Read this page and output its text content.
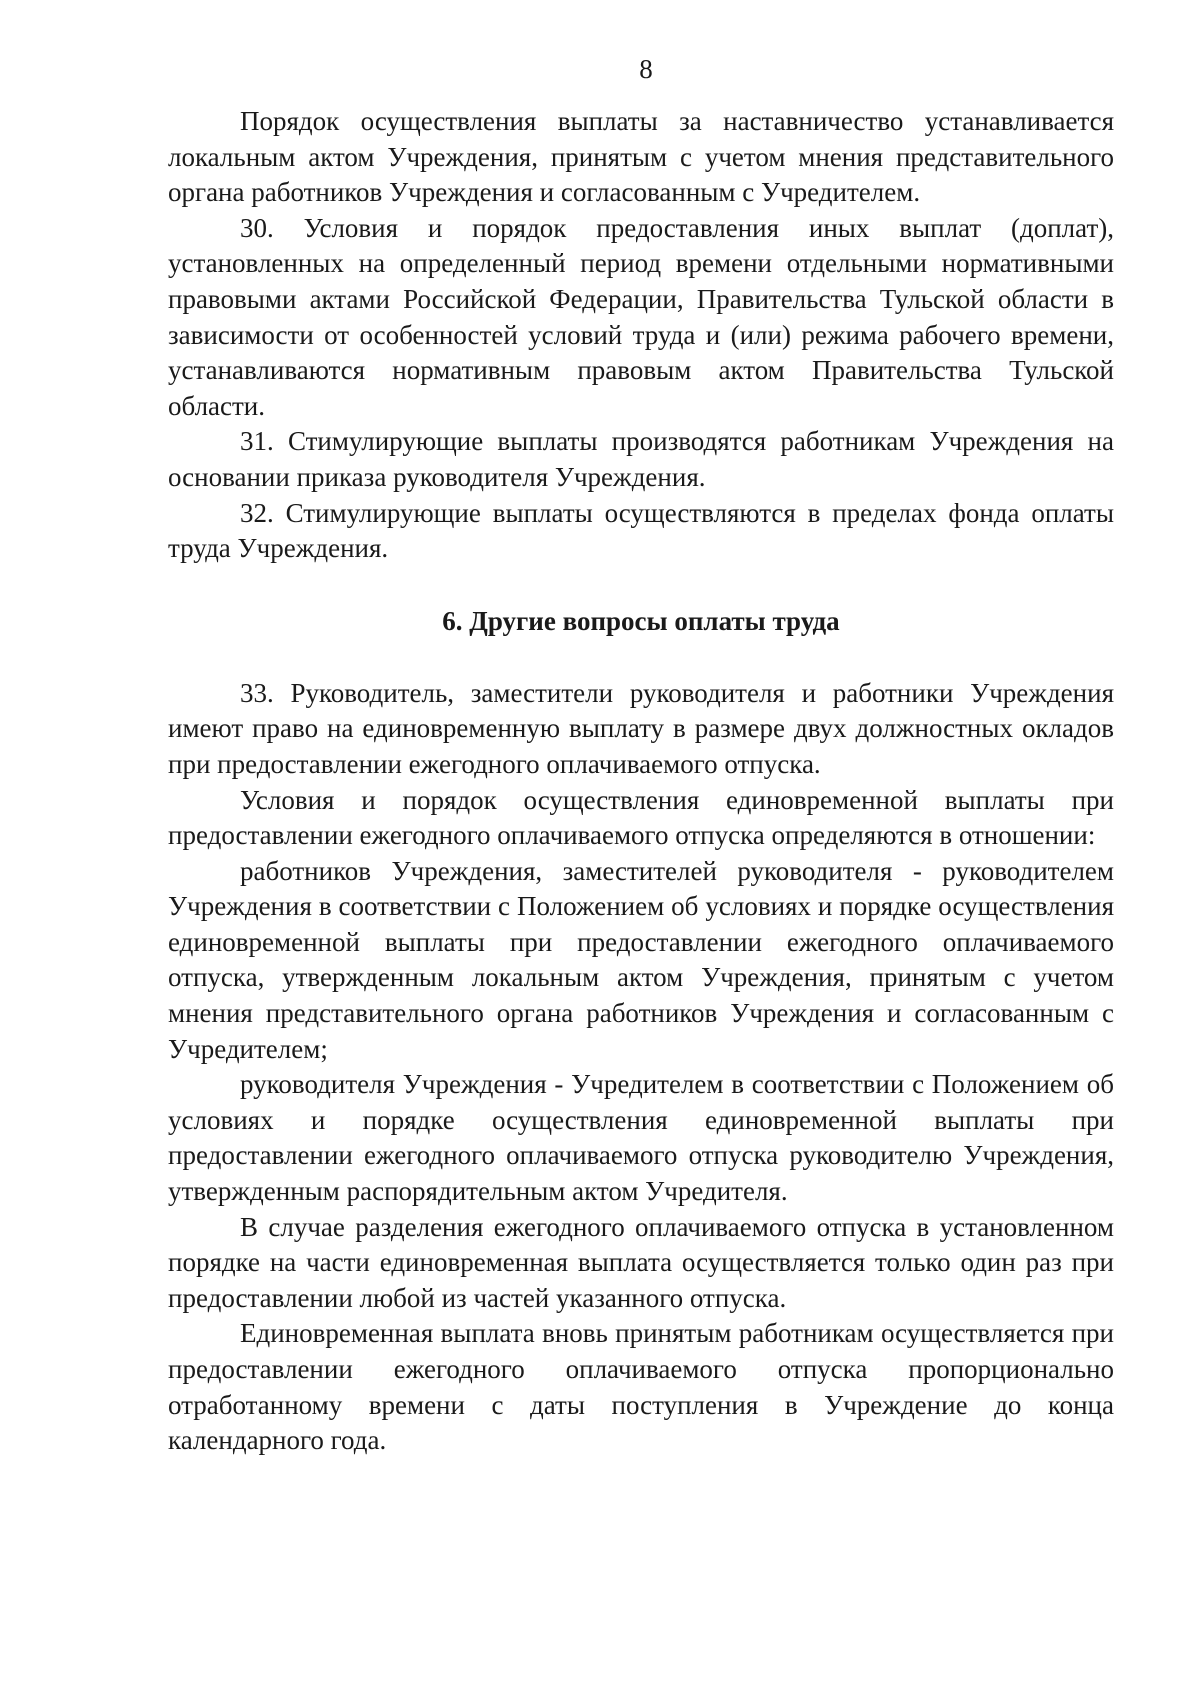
8

Порядок осуществления выплаты за наставничество устанавливается локальным актом Учреждения, принятым с учетом мнения представительного органа работников Учреждения и согласованным с Учредителем.

30. Условия и порядок предоставления иных выплат (доплат), установленных на определенный период времени отдельными нормативными правовыми актами Российской Федерации, Правительства Тульской области в зависимости от особенностей условий труда и (или) режима рабочего времени, устанавливаются нормативным правовым актом Правительства Тульской области.

31. Стимулирующие выплаты производятся работникам Учреждения на основании приказа руководителя Учреждения.

32. Стимулирующие выплаты осуществляются в пределах фонда оплаты труда Учреждения.

6. Другие вопросы оплаты труда

33. Руководитель, заместители руководителя и работники Учреждения имеют право на единовременную выплату в размере двух должностных окладов при предоставлении ежегодного оплачиваемого отпуска.

Условия и порядок осуществления единовременной выплаты при предоставлении ежегодного оплачиваемого отпуска определяются в отношении:

работников Учреждения, заместителей руководителя - руководителем Учреждения в соответствии с Положением об условиях и порядке осуществления единовременной выплаты при предоставлении ежегодного оплачиваемого отпуска, утвержденным локальным актом Учреждения, принятым с учетом мнения представительного органа работников Учреждения и согласованным с Учредителем;

руководителя Учреждения - Учредителем в соответствии с Положением об условиях и порядке осуществления единовременной выплаты при предоставлении ежегодного оплачиваемого отпуска руководителю Учреждения, утвержденным распорядительным актом Учредителя.

В случае разделения ежегодного оплачиваемого отпуска в установленном порядке на части единовременная выплата осуществляется только один раз при предоставлении любой из частей указанного отпуска.

Единовременная выплата вновь принятым работникам осуществляется при предоставлении ежегодного оплачиваемого отпуска пропорционально отработанному времени с даты поступления в Учреждение до конца календарного года.
